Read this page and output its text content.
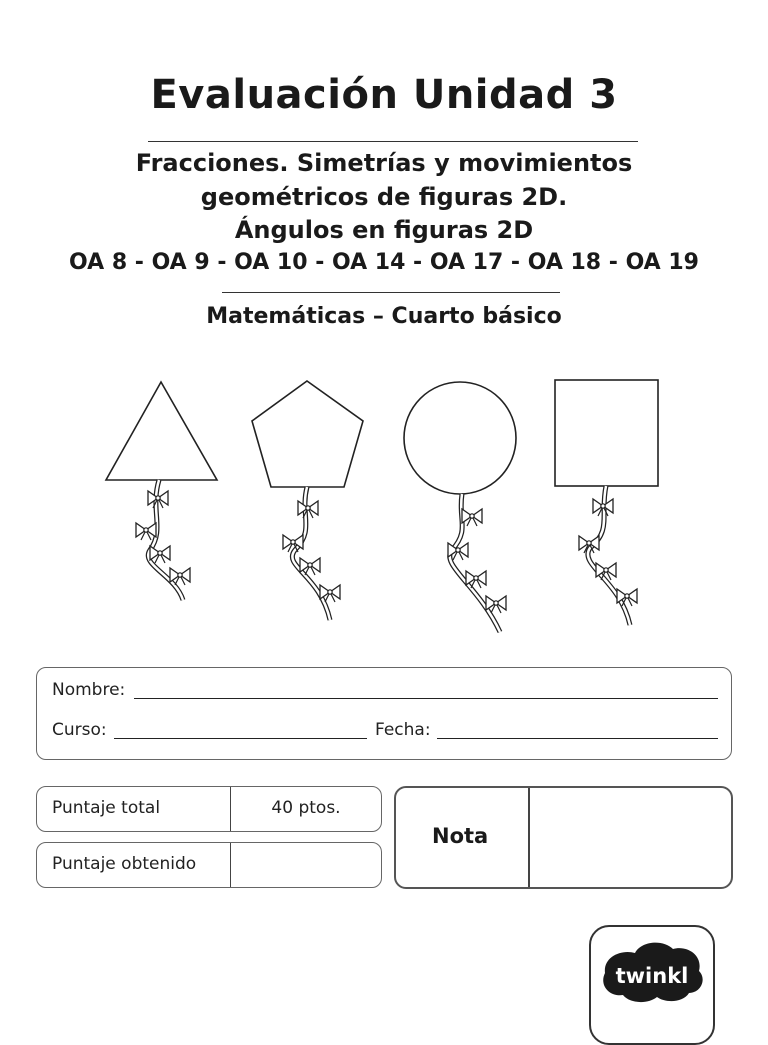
Evaluación Unidad 3
Fracciones. Simetrías y movimientos
geométricos de figuras 2D.
Ángulos en figuras 2D
OA 8 - OA 9 - OA 10 - OA 14 - OA 17 - OA 18 - OA 19
Matemáticas – Cuarto básico
Nombre:
Curso:	Fecha:
Puntaje total	40 ptos.
Puntaje obtenido
Nota
twinkl
